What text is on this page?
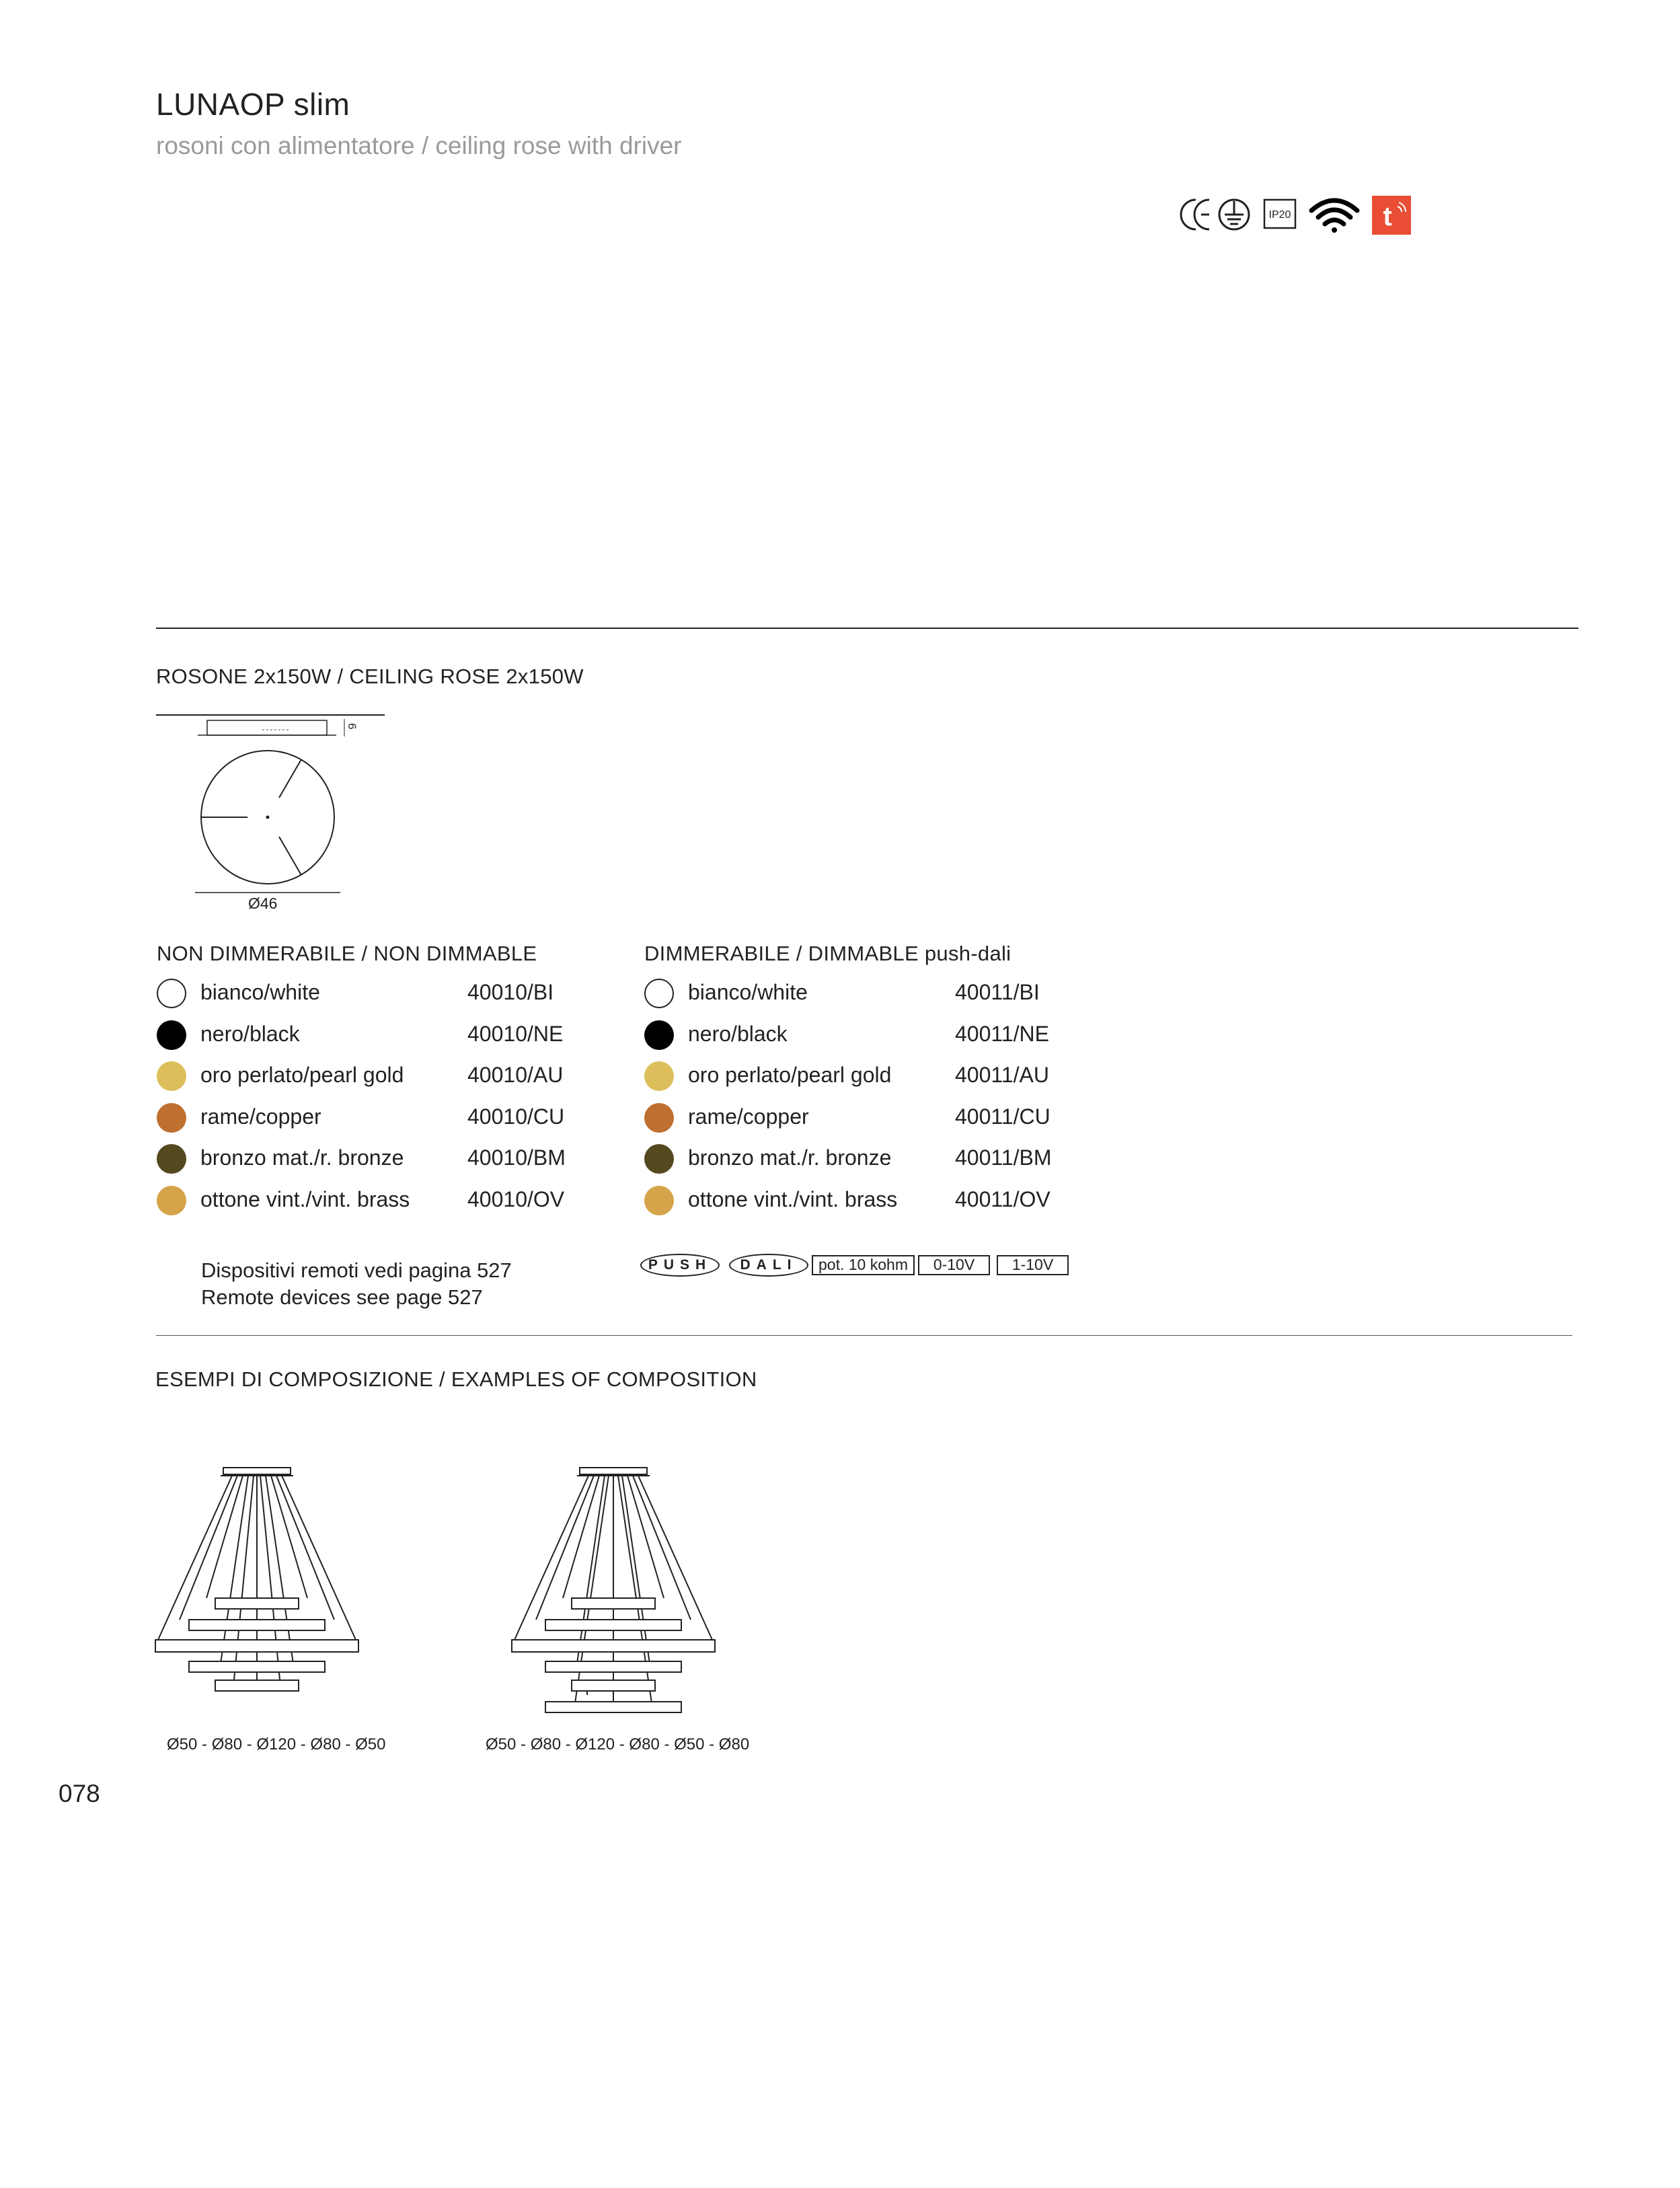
LUNAOP slim
rosoni con alimentatore / ceiling rose with driver
IP20	t
ROSONE 2x150W / CEILING ROSE 2x150W
6
Ø46
NON DIMMERABILE / NON DIMMABLE
bianco/white	40010/BI
nero/black	40010/NE
oro perlato/pearl gold	40010/AU
rame/copper	40010/CU
bronzo mat./r. bronze	40010/BM
ottone vint./vint. brass	40010/OV
Dispositivi remoti vedi pagina 527
Remote devices see page 527
DIMMERABILE / DIMMABLE push-dali
bianco/white	40011/BI
nero/black	40011/NE
oro perlato/pearl gold	40011/AU
rame/copper	40011/CU
bronzo mat./r. bronze	40011/BM
ottone vint./vint. brass	40011/OV
PUSH	DALI	pot. 10 kohm	0-10V	1-10V
ESEMPI DI COMPOSIZIONE / EXAMPLES OF COMPOSITION
Ø50 - Ø80 - Ø120 - Ø80 - Ø50	Ø50 - Ø80 - Ø120 - Ø80 - Ø50 - Ø80
078
